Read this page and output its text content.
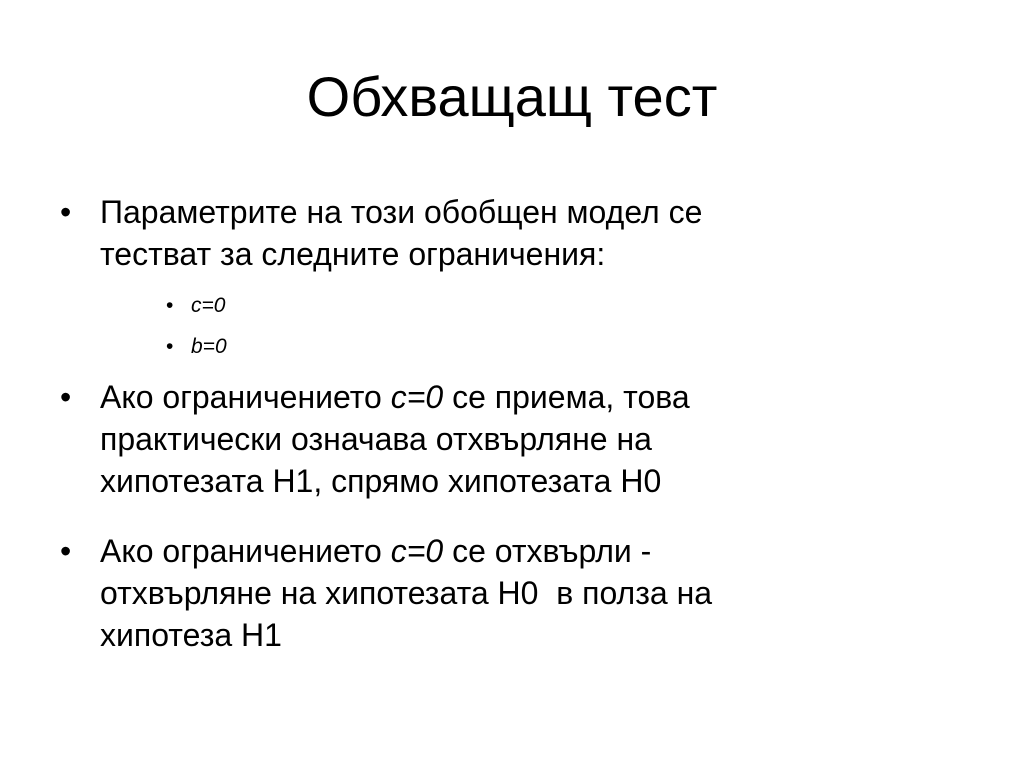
Обхващащ тест
• Параметрите на този обобщен модел се
тестват за следните ограничения:
• c=0
• b=0
• Ако ограничението c=0 се приема, това
практически означава отхвърляне на
хипотезата Н1, спрямо хипотезата Н0
• Ако ограничението c=0 се отхвърли -
отхвърляне на хипотезата Н0  в полза на
хипотеза Н1
